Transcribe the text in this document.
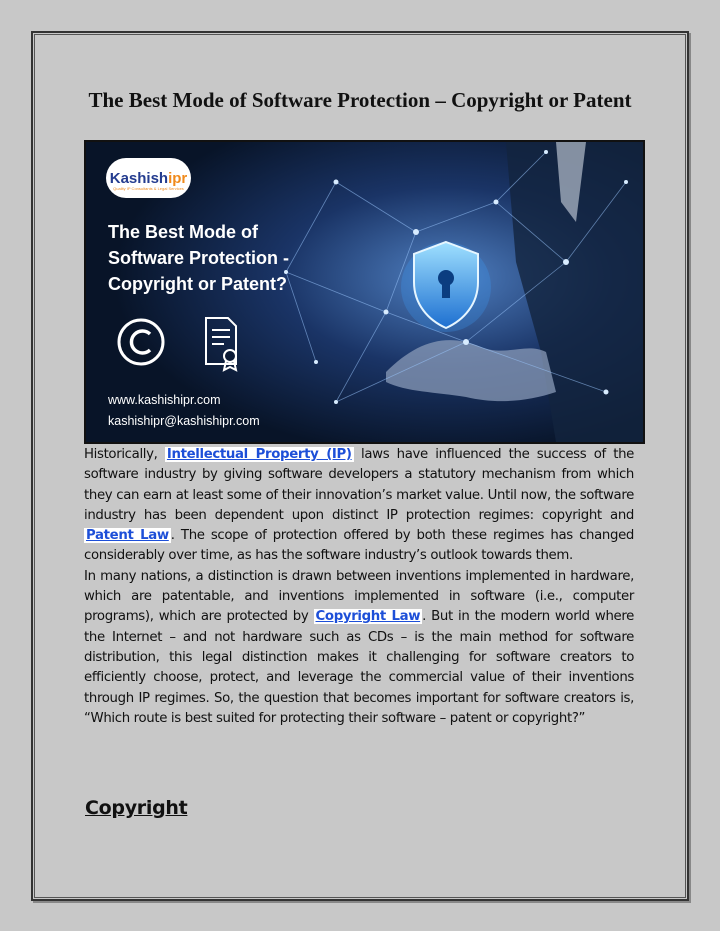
The Best Mode of Software Protection – Copyright or Patent
Kashishipr
Quality IP Consultants & Legal Services
The Best Mode of
Software Protection -
Copyright or Patent?
www.kashishipr.com
kashishipr@kashishipr.com

Historically, Intellectual Property (IP) laws have influenced the success of the software industry by giving software developers a statutory mechanism from which they can earn at least some of their innovation’s market value. Until now, the software industry has been dependent upon distinct IP protection regimes: copyright and Patent Law . The scope of protection offered by both these regimes has changed considerably over time, as has the software industry’s outlook towards them.

In many nations, a distinction is drawn between inventions implemented in hardware, which are patentable, and inventions implemented in software (i.e., computer programs), which are protected by Copyright Law . But in the modern world where the Internet – and not hardware such as CDs – is the main method for software distribution, this legal distinction makes it challenging for software creators to efficiently choose, protect, and leverage the commercial value of their inventions through IP regimes. So, the question that becomes important for software creators is, “Which route is best suited for protecting their software – patent or copyright?”

Copyright
